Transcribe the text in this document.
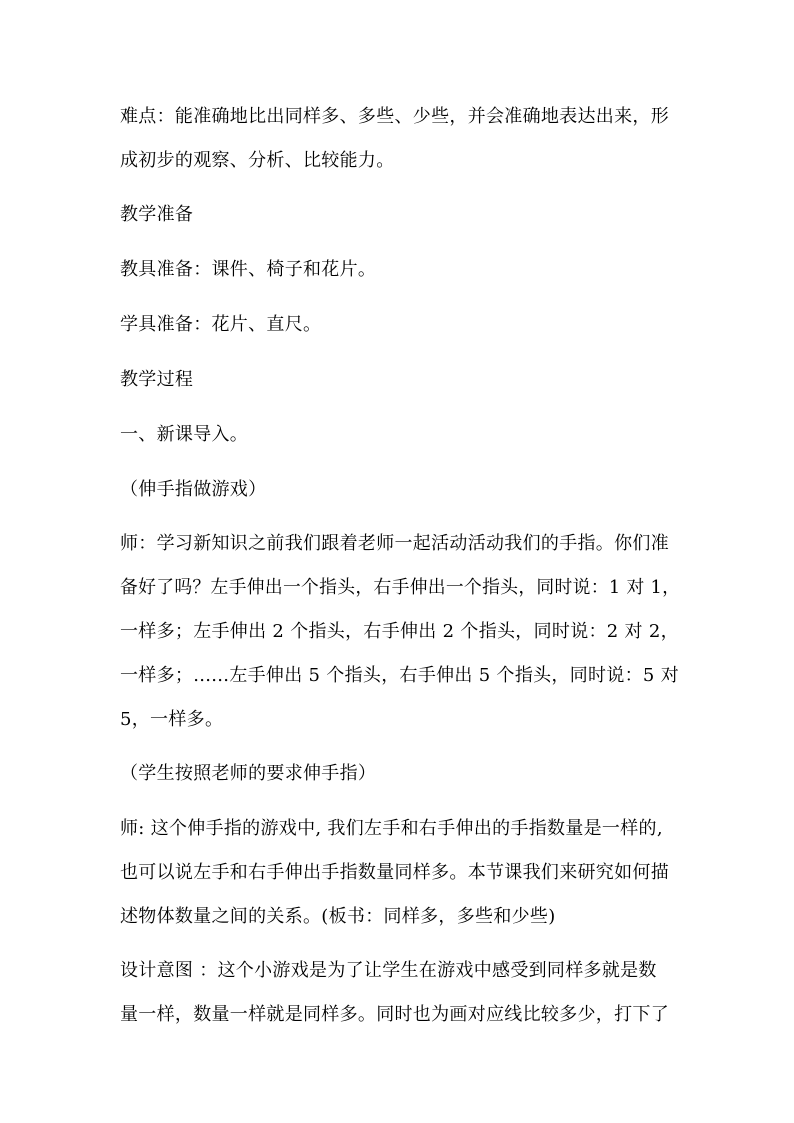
难点：能准确地比出同样多、多些、少些，并会准确地表达出来，形
成初步的观察、分析、比较能力。
教学准备
教具准备：课件、椅子和花片。
学具准备：花片、直尺。
教学过程
一、新课导入。
（伸手指做游戏）
师：学习新知识之前我们跟着老师一起活动活动我们的手指。你们准
备好了吗？左手伸出一个指头，右手伸出一个指头，同时说：1 对 1，
一样多；左手伸出 2 个指头，右手伸出 2 个指头，同时说：2 对 2，
一样多；......左手伸出 5 个指头，右手伸出 5 个指头，同时说：5 对
5，一样多。
（学生按照老师的要求伸手指）
师: 这个伸手指的游戏中, 我们左手和右手伸出的手指数量是一样的,
也可以说左手和右手伸出手指数量同样多。本节课我们来研究如何描
述物体数量之间的关系。(板书：同样多，多些和少些)
设计意图 ：这个小游戏是为了让学生在游戏中感受到同样多就是数
量一样，数量一样就是同样多。同时也为画对应线比较多少，打下了
